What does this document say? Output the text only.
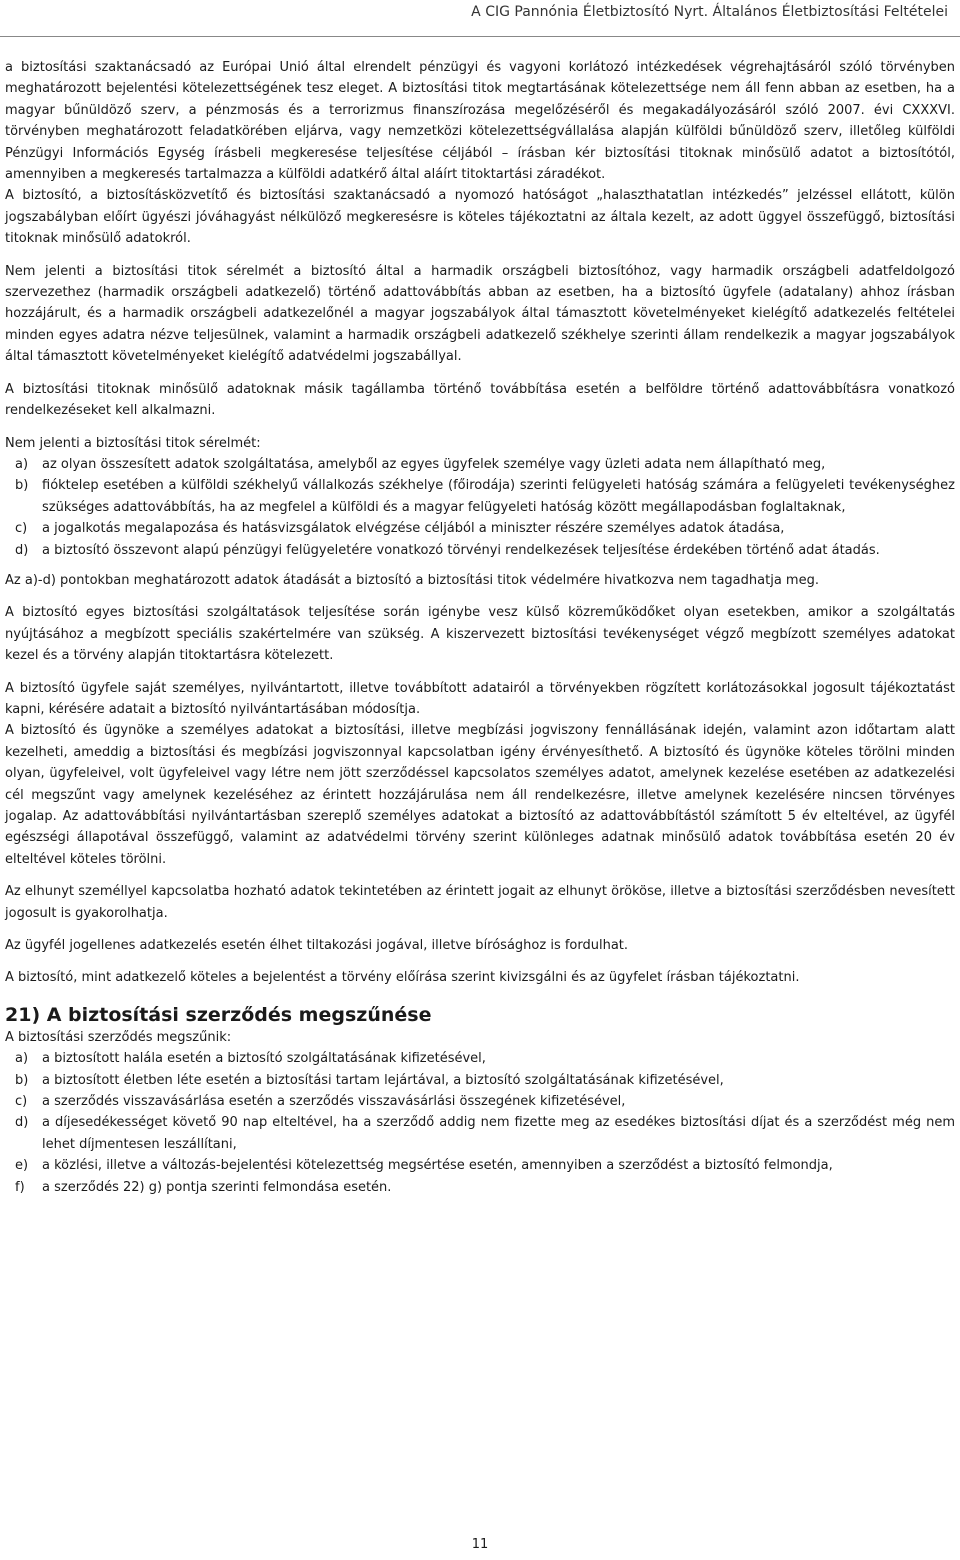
A CIG Pannónia Életbiztosító Nyrt. Általános Életbiztosítási Feltételei

a biztosítási szaktanácsadó az Európai Unió által elrendelt pénzügyi és vagyoni korlátozó intézkedések végrehajtásáról szóló törvényben meghatározott bejelentési kötelezettségének tesz eleget. A biztosítási titok megtartásának kötelezettsége nem áll fenn abban az esetben, ha a magyar bűnüldöző szerv, a pénzmosás és a terrorizmus finanszírozása megelőzéséről és megakadályozásáról szóló 2007. évi CXXXVI. törvényben meghatározott feladatkörében eljárva, vagy nemzetközi kötelezettségvállalása alapján külföldi bűnüldöző szerv, illetőleg külföldi Pénzügyi Információs Egység írásbeli megkeresése teljesítése céljából – írásban kér biztosítási titoknak minősülő adatot a biztosítótól, amennyiben a megkeresés tartalmazza a külföldi adatkérő által aláírt titoktartási záradékot.

A biztosító, a biztosításközvetítő és biztosítási szaktanácsadó a nyomozó hatóságot „halaszthatatlan intézkedés” jelzéssel ellátott, külön jogszabályban előírt ügyészi jóváhagyást nélkülöző megkeresésre is köteles tájékoztatni az általa kezelt, az adott üggyel összefüggő, biztosítási titoknak minősülő adatokról.

Nem jelenti a biztosítási titok sérelmét a biztosító által a harmadik országbeli biztosítóhoz, vagy harmadik országbeli adatfeldolgozó szervezethez (harmadik országbeli adatkezelő) történő adattovábbítás abban az esetben, ha a biztosító ügyfele (adatalany) ahhoz írásban hozzájárult, és a harmadik országbeli adatkezelőnél a magyar jogszabályok által támasztott követelményeket kielégítő adatkezelés feltételei minden egyes adatra nézve teljesülnek, valamint a harmadik országbeli adatkezelő székhelye szerinti állam rendelkezik a magyar jogszabályok által támasztott követelményeket kielégítő adatvédelmi jogszabállyal.

A biztosítási titoknak minősülő adatoknak másik tagállamba történő továbbítása esetén a belföldre történő adattovábbításra vonatkozó rendelkezéseket kell alkalmazni.

Nem jelenti a biztosítási titok sérelmét:

a) az olyan összesített adatok szolgáltatása, amelyből az egyes ügyfelek személye vagy üzleti adata nem állapítható meg,
b) fióktelep esetében a külföldi székhelyű vállalkozás székhelye (főirodája) szerinti felügyeleti hatóság számára a felügyeleti tevékenységhez szükséges adattovábbítás, ha az megfelel a külföldi és a magyar felügyeleti hatóság között megállapodásban foglaltaknak,
c) a jogalkotás megalapozása és hatásvizsgálatok elvégzése céljából a miniszter részére személyes adatok átadása,
d) a biztosító összevont alapú pénzügyi felügyeletére vonatkozó törvényi rendelkezések teljesítése érdekében történő adat átadás.

Az a)-d) pontokban meghatározott adatok átadását a biztosító a biztosítási titok védelmére hivatkozva nem tagadhatja meg.

A biztosító egyes biztosítási szolgáltatások teljesítése során igénybe vesz külső közreműködőket olyan esetekben, amikor a szolgáltatás nyújtásához a megbízott speciális szakértelmére van szükség. A kiszervezett biztosítási tevékenységet végző megbízott személyes adatokat kezel és a törvény alapján titoktartásra kötelezett.

A biztosító ügyfele saját személyes, nyilvántartott, illetve továbbított adatairól a törvényekben rögzített korlátozásokkal jogosult tájékoztatást kapni, kérésére adatait a biztosító nyilvántartásában módosítja.

A biztosító és ügynöke a személyes adatokat a biztosítási, illetve megbízási jogviszony fennállásának idején, valamint azon időtartam alatt kezelheti, ameddig a biztosítási és megbízási jogviszonnyal kapcsolatban igény érvényesíthető. A biztosító és ügynöke köteles törölni minden olyan, ügyfeleivel, volt ügyfeleivel vagy létre nem jött szerződéssel kapcsolatos személyes adatot, amelynek kezelése esetében az adatkezelési cél megszűnt vagy amelynek kezeléséhez az érintett hozzájárulása nem áll rendelkezésre, illetve amelynek kezelésére nincsen törvényes jogalap. Az adattovábbítási nyilvántartásban szereplő személyes adatokat a biztosító az adattovábbítástól számított 5 év elteltével, az ügyfél egészségi állapotával összefüggő, valamint az adatvédelmi törvény szerint különleges adatnak minősülő adatok továbbítása esetén 20 év elteltével köteles törölni.

Az elhunyt személlyel kapcsolatba hozható adatok tekintetében az érintett jogait az elhunyt örököse, illetve a biztosítási szerződésben nevesített jogosult is gyakorolhatja.

Az ügyfél jogellenes adatkezelés esetén élhet tiltakozási jogával, illetve bírósághoz is fordulhat.

A biztosító, mint adatkezelő köteles a bejelentést a törvény előírása szerint kivizsgálni és az ügyfelet írásban tájékoztatni.

21) A biztosítási szerződés megszűnése

A biztosítási szerződés megszűnik:

a) a biztosított halála esetén a biztosító szolgáltatásának kifizetésével,
b) a biztosított életben léte esetén a biztosítási tartam lejártával, a biztosító szolgáltatásának kifizetésével,
c) a szerződés visszavásárlása esetén a szerződés visszavásárlási összegének kifizetésével,
d) a díjesedékességet követő 90 nap elteltével, ha a szerződő addig nem fizette meg az esedékes biztosítási díjat és a szerződést még nem lehet díjmentesen leszállítani,
e) a közlési, illetve a változás-bejelentési kötelezettség megsértése esetén, amennyiben a szerződést a biztosító felmondja,
f) a szerződés 22) g) pontja szerinti felmondása esetén.
11
